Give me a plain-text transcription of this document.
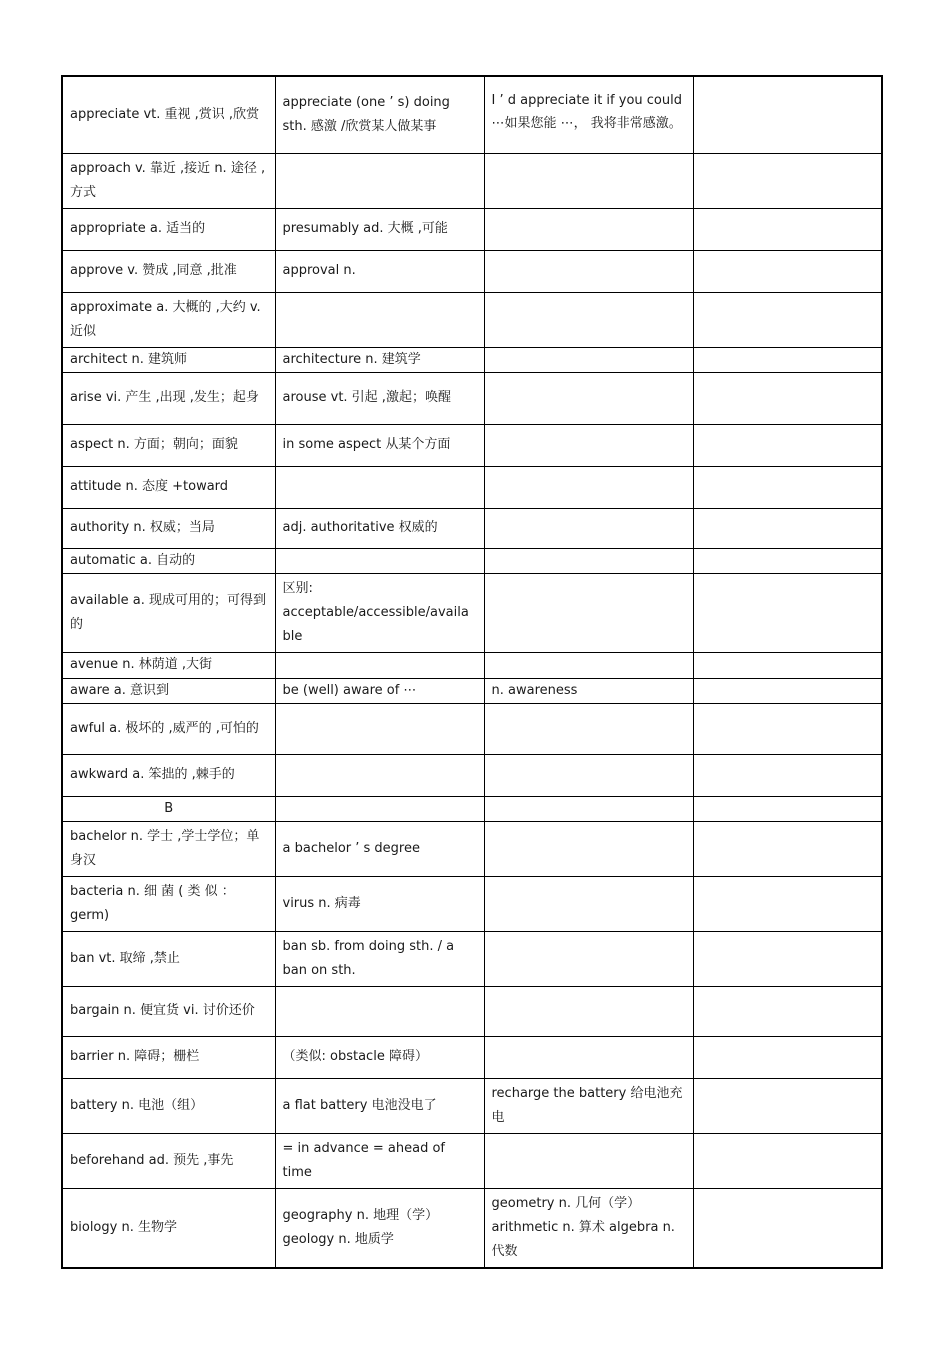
appreciate vt. 重视 ,赏识 ,欣赏	appreciate (one ’ s) doing sth. 感激 /欣赏某人做某事	I ’ d appreciate it if you could ⋯如果您能 ⋯， 我将非常感激。	
approach v. 靠近 ,接近 n. 途径 ,方式			
appropriate a. 适当的	presumably ad. 大概 ,可能		
approve v. 赞成 ,同意 ,批准	approval n.		
approximate a. 大概的 ,大约 v. 近似			
architect n. 建筑师	architecture n. 建筑学		
arise vi. 产生 ,出现 ,发生；起身	arouse vt. 引起 ,激起；唤醒		
aspect n. 方面；朝向；面貌	in some aspect 从某个方面		
attitude n. 态度 +toward			
authority n. 权威；当局	adj. authoritative 权威的		
automatic a. 自动的			
available a. 现成可用的；可得到的	区别: acceptable/accessible/available		
avenue n. 林荫道 ,大街			
aware a. 意识到	be (well) aware of ⋯	n. awareness	
awful a. 极坏的 ,威严的 ,可怕的			
awkward a. 笨拙的 ,棘手的			
B			
bachelor n. 学士 ,学士学位；单身汉	a bachelor ’ s degree		
bacteria n. 细 菌 ( 类 似 ： germ)	virus n. 病毒		
ban vt. 取缔 ,禁止	ban sb. from doing sth. / a ban on sth.		
bargain n. 便宜货 vi. 讨价还价			
barrier n. 障碍；栅栏	（类似: obstacle 障碍）		
battery n. 电池（组）	a flat battery 电池没电了	recharge the battery 给电池充电	
beforehand ad. 预先 ,事先	= in advance = ahead of time		
biology n. 生物学	geography n. 地理（学） geology n. 地质学	geometry n. 几何（学） arithmetic n. 算术 algebra n. 代数	
